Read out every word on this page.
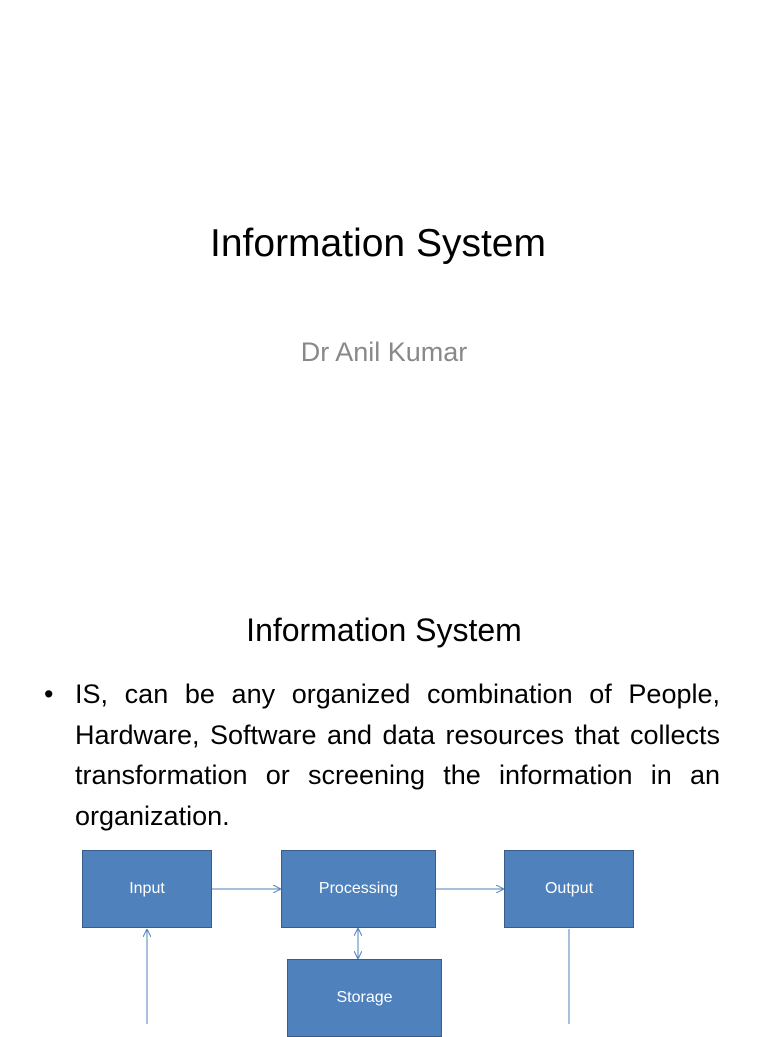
Information System
Dr Anil Kumar
Information System
• IS, can be any organized combination of People, Hardware, Software and data resources that collects transformation or screening the information in an organization.
Input	Processing	Output
Storage
